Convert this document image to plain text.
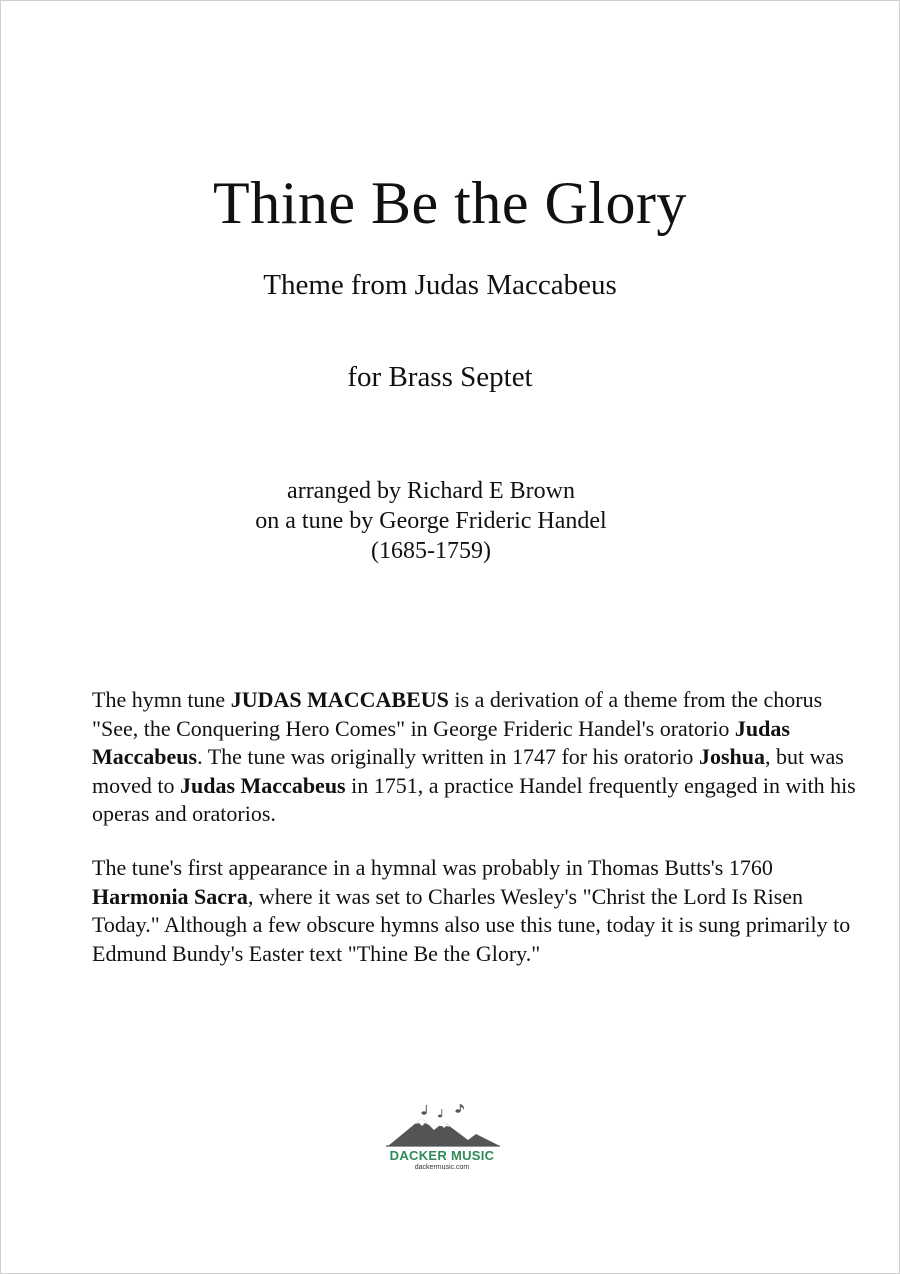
Thine Be the Glory
Theme from Judas Maccabeus
for Brass Septet
arranged by Richard E Brown
on a tune by George Frideric Handel
(1685-1759)
The hymn tune JUDAS MACCABEUS is a derivation of a theme from the chorus "See, the Conquering Hero Comes" in George Frideric Handel's oratorio Judas Maccabeus. The tune was originally written in 1747 for his oratorio Joshua, but was moved to Judas Maccabeus in 1751, a practice Handel frequently engaged in with his operas and oratorios.
The tune's first appearance in a hymnal was probably in Thomas Butts's 1760 Harmonia Sacra, where it was set to Charles Wesley's "Christ the Lord Is Risen Today." Although a few obscure hymns also use this tune, today it is sung primarily to Edmund Bundy's Easter text "Thine Be the Glory."
DACKER MUSIC
dackermusic.com
